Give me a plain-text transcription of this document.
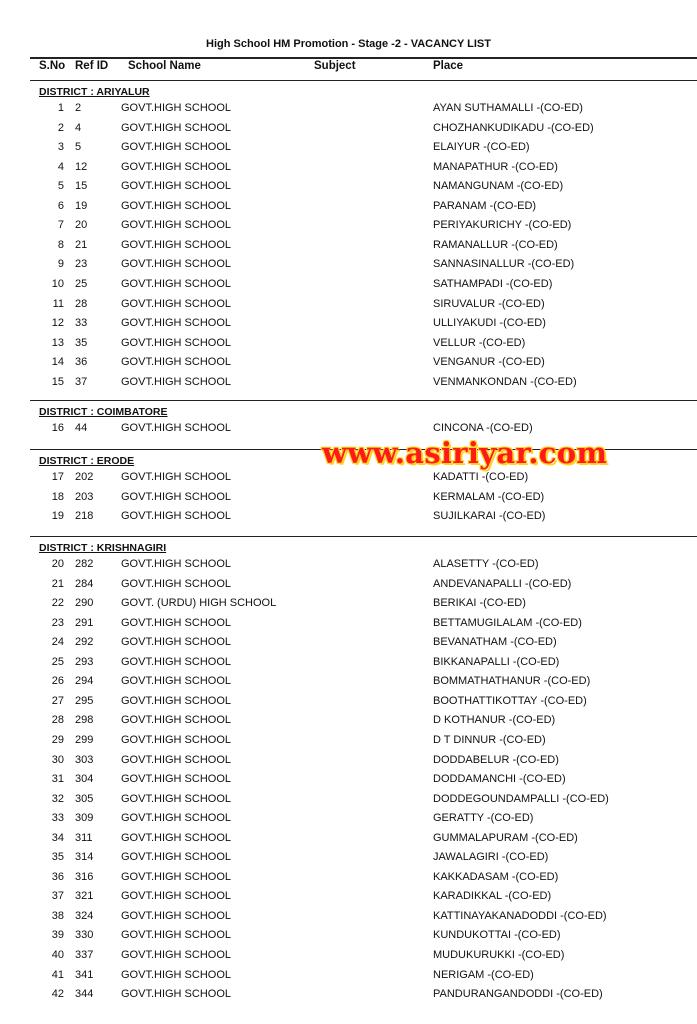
High School HM Promotion - Stage -2 - VACANCY LIST
S.No Ref ID School Name	Subject	Place
DISTRICT : ARIYALUR
1 2	GOVT.HIGH SCHOOL	AYAN SUTHAMALLI -(CO-ED)
2 4	GOVT.HIGH SCHOOL	CHOZHANKUDIKADU -(CO-ED)
3 5	GOVT.HIGH SCHOOL	ELAIYUR -(CO-ED)
4 12	GOVT.HIGH SCHOOL	MANAPATHUR -(CO-ED)
5 15	GOVT.HIGH SCHOOL	NAMANGUNAM -(CO-ED)
6 19	GOVT.HIGH SCHOOL	PARANAM -(CO-ED)
7 20	GOVT.HIGH SCHOOL	PERIYAKURICHY -(CO-ED)
8 21	GOVT.HIGH SCHOOL	RAMANALLUR -(CO-ED)
9 23	GOVT.HIGH SCHOOL	SANNASINALLUR -(CO-ED)
10 25	GOVT.HIGH SCHOOL	SATHAMPADI -(CO-ED)
11 28	GOVT.HIGH SCHOOL	SIRUVALUR -(CO-ED)
12 33	GOVT.HIGH SCHOOL	ULLIYAKUDI -(CO-ED)
13 35	GOVT.HIGH SCHOOL	VELLUR -(CO-ED)
14 36	GOVT.HIGH SCHOOL	VENGANUR -(CO-ED)
15 37	GOVT.HIGH SCHOOL	VENMANKONDAN -(CO-ED)
DISTRICT : COIMBATORE
16 44	GOVT.HIGH SCHOOL	CINCONA -(CO-ED)
DISTRICT : ERODE
17 202	GOVT.HIGH SCHOOL	KADATTI -(CO-ED)
18 203	GOVT.HIGH SCHOOL	KERMALAM -(CO-ED)
19 218	GOVT.HIGH SCHOOL	SUJILKARAI -(CO-ED)
DISTRICT : KRISHNAGIRI
20 282	GOVT.HIGH SCHOOL	ALASETTY -(CO-ED)
21 284	GOVT.HIGH SCHOOL	ANDEVANAPALLI -(CO-ED)
22 290	GOVT. (URDU) HIGH SCHOOL	BERIKAI -(CO-ED)
23 291	GOVT.HIGH SCHOOL	BETTAMUGILALAM -(CO-ED)
24 292	GOVT.HIGH SCHOOL	BEVANATHAM -(CO-ED)
25 293	GOVT.HIGH SCHOOL	BIKKANAPALLI -(CO-ED)
26 294	GOVT.HIGH SCHOOL	BOMMATHATHANUR -(CO-ED)
27 295	GOVT.HIGH SCHOOL	BOOTHATTIKOTTAY -(CO-ED)
28 298	GOVT.HIGH SCHOOL	D KOTHANUR -(CO-ED)
29 299	GOVT.HIGH SCHOOL	D T DINNUR -(CO-ED)
30 303	GOVT.HIGH SCHOOL	DODDABELUR -(CO-ED)
31 304	GOVT.HIGH SCHOOL	DODDAMANCHI -(CO-ED)
32 305	GOVT.HIGH SCHOOL	DODDEGOUNDAMPALLI -(CO-ED)
33 309	GOVT.HIGH SCHOOL	GERATTY -(CO-ED)
34 311	GOVT.HIGH SCHOOL	GUMMALAPURAM -(CO-ED)
35 314	GOVT.HIGH SCHOOL	JAWALAGIRI -(CO-ED)
36 316	GOVT.HIGH SCHOOL	KAKKADASAM -(CO-ED)
37 321	GOVT.HIGH SCHOOL	KARADIKKAL -(CO-ED)
38 324	GOVT.HIGH SCHOOL	KATTINAYAKANADODDI -(CO-ED)
39 330	GOVT.HIGH SCHOOL	KUNDUKOTTAI -(CO-ED)
40 337	GOVT.HIGH SCHOOL	MUDUKURUKKI -(CO-ED)
41 341	GOVT.HIGH SCHOOL	NERIGAM -(CO-ED)
42 344	GOVT.HIGH SCHOOL	PANDURANGANDODDI -(CO-ED)
www.asiriyar.com
